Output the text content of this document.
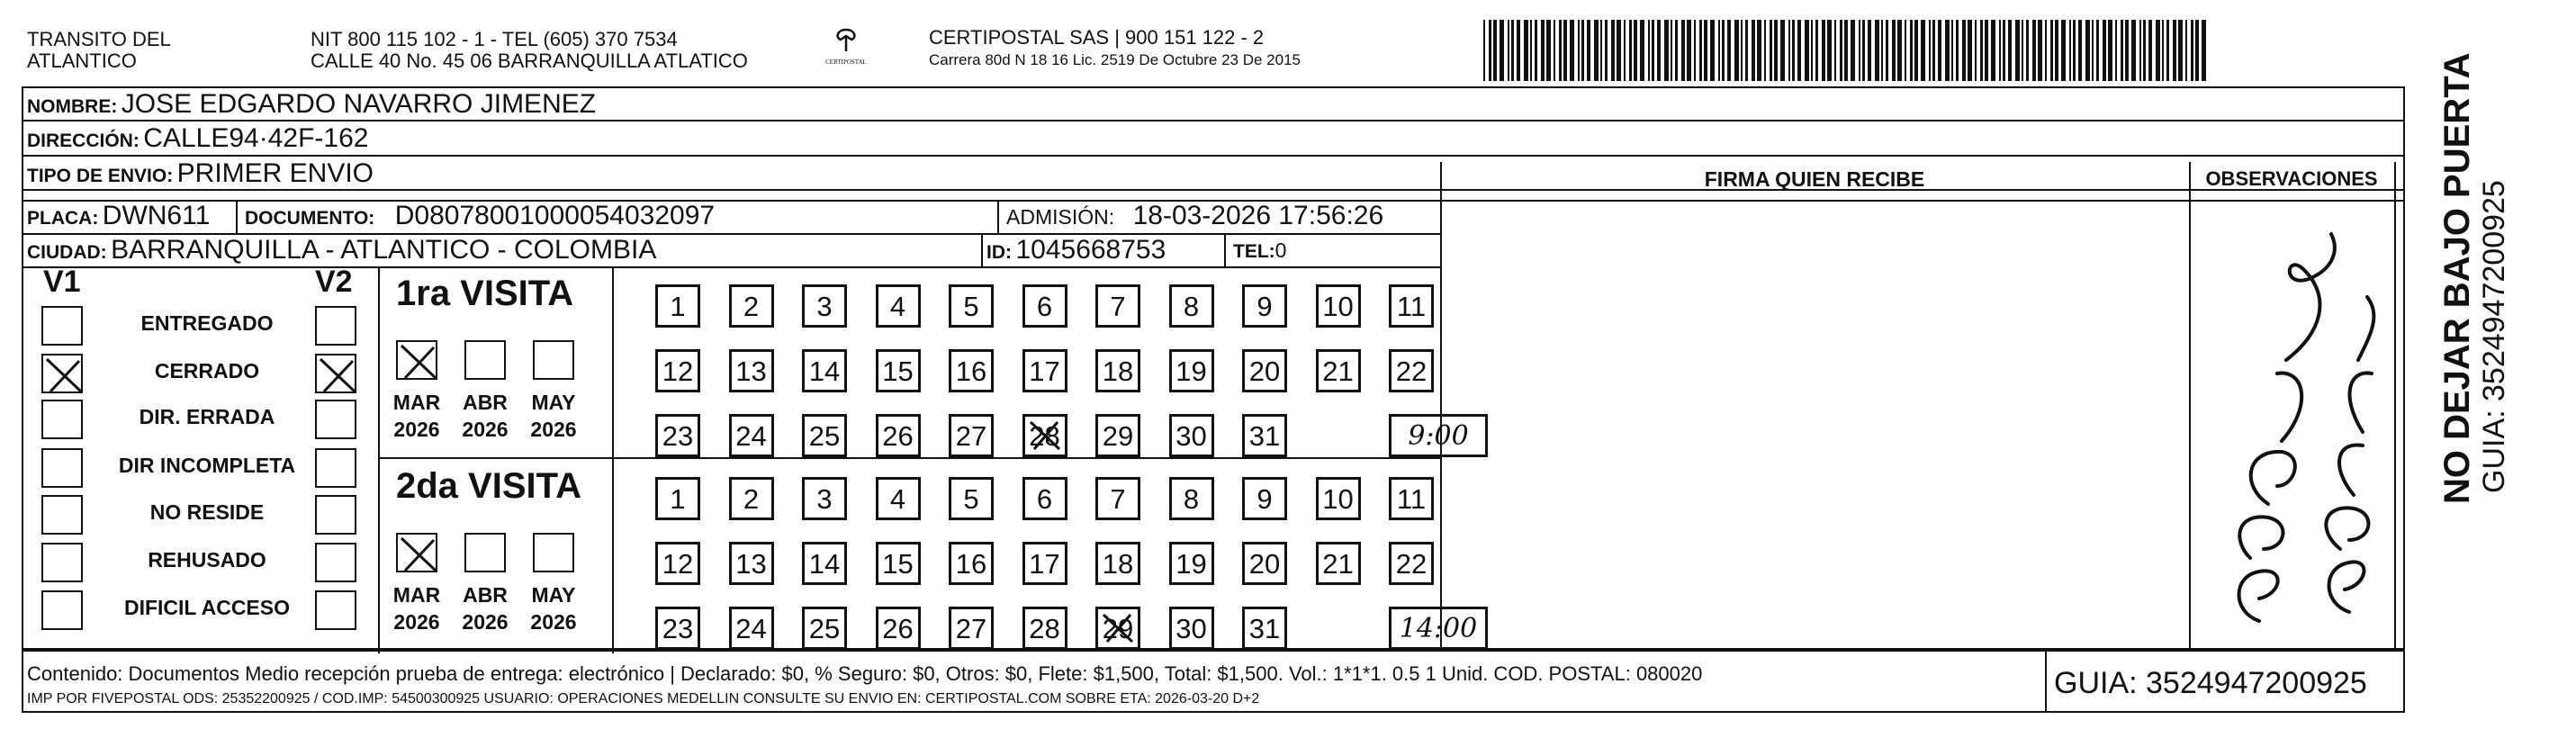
TRANSITO DEL
ATLANTICO
NIT 800 115 102 - 1 - TEL (605) 370 7534
CALLE 40 No. 45 06 BARRANQUILLA ATLATICO	CERTIPOSTAL
CERTIPOSTAL SAS | 900 151 122 - 2
Carrera 80d N 18 16 Lic. 2519 De Octubre 23 De 2015
NOMBRE: JOSE EDGARDO NAVARRO JIMENEZ
DIRECCIÓN: CALLE94·42F-162
TIPO DE ENVIO: PRIMER ENVIO	FIRMA QUIEN RECIBE	OBSERVACIONES
PLACA: DWN611 DOCUMENTO: D08078001000054032097	ADMISIÓN: 18-03-2026 17:56:26
CIUDAD: BARRANQUILLA - ATLANTICO - COLOMBIA	ID: 1045668753	TEL:0
V1	V2
ENTREGADO
CERRADO
DIR. ERRADA
DIR INCOMPLETA
NO RESIDE
REHUSADO
DIFICIL ACCESO
1ra VISITA
2da VISITA
MAR
2026
ABR
2026
MAY
2026
1	2	3	4	5	6	7	8	9	10 11
12 13 14 15 16 17 18 19 20 21 22
23 24 25 26 27 28 29 30 31	9:00
MAR
2026
ABR
2026
MAY
2026
1	2	3	4	5	6	7	8	9	10 11
12 13 14 15 16 17 18 19 20 21 22
23 24 25 26 27 28 29 30 31	14:00
NO DEJAR BAJO PUERTA GUIA: 3524947200925
Contenido: Documentos Medio recepción prueba de entrega: electrónico | Declarado: $0, % Seguro: $0, Otros: $0, Flete: $1,500, Total: $1,500. Vol.: 1*1*1. 0.5 1 Unid. COD. POSTAL: 080020
IMP POR FIVEPOSTAL ODS: 25352200925 / COD.IMP: 54500300925 USUARIO: OPERACIONES MEDELLIN CONSULTE SU ENVIO EN: CERTIPOSTAL.COM SOBRE ETA: 2026-03-20 D+2	GUIA: 3524947200925
